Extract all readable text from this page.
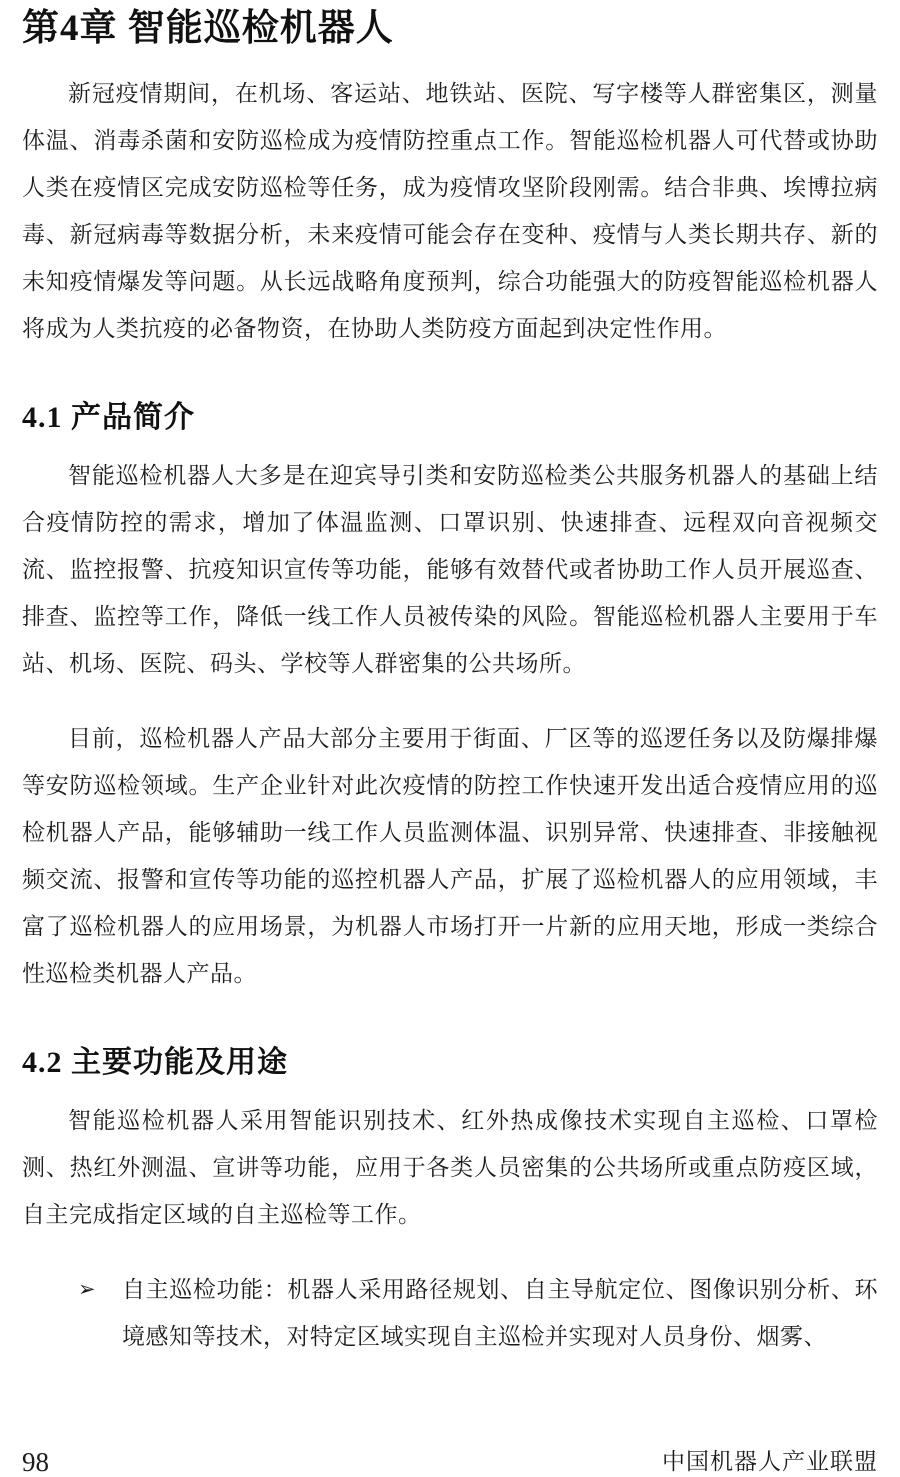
第4章 智能巡检机器人

新冠疫情期间，在机场、客运站、地铁站、医院、写字楼等人群密集区，测量体温、消毒杀菌和安防巡检成为疫情防控重点工作。智能巡检机器人可代替或协助人类在疫情区完成安防巡检等任务，成为疫情攻坚阶段刚需。结合非典、埃博拉病毒、新冠病毒等数据分析，未来疫情可能会存在变种、疫情与人类长期共存、新的未知疫情爆发等问题。从长远战略角度预判，综合功能强大的防疫智能巡检机器人将成为人类抗疫的必备物资，在协助人类防疫方面起到决定性作用。

4.1 产品简介

智能巡检机器人大多是在迎宾导引类和安防巡检类公共服务机器人的基础上结合疫情防控的需求，增加了体温监测、口罩识别、快速排查、远程双向音视频交流、监控报警、抗疫知识宣传等功能，能够有效替代或者协助工作人员开展巡查、排查、监控等工作，降低一线工作人员被传染的风险。智能巡检机器人主要用于车站、机场、医院、码头、学校等人群密集的公共场所。

目前，巡检机器人产品大部分主要用于街面、厂区等的巡逻任务以及防爆排爆等安防巡检领域。生产企业针对此次疫情的防控工作快速开发出适合疫情应用的巡检机器人产品，能够辅助一线工作人员监测体温、识别异常、快速排查、非接触视频交流、报警和宣传等功能的巡控机器人产品，扩展了巡检机器人的应用领域，丰富了巡检机器人的应用场景，为机器人市场打开一片新的应用天地，形成一类综合性巡检类机器人产品。

4.2 主要功能及用途

智能巡检机器人采用智能识别技术、红外热成像技术实现自主巡检、口罩检测、热红外测温、宣讲等功能，应用于各类人员密集的公共场所或重点防疫区域，自主完成指定区域的自主巡检等工作。

➢	自主巡检功能：机器人采用路径规划、自主导航定位、图像识别分析、环境感知等技术，对特定区域实现自主巡检并实现对人员身份、烟雾、
98	中国机器人产业联盟
